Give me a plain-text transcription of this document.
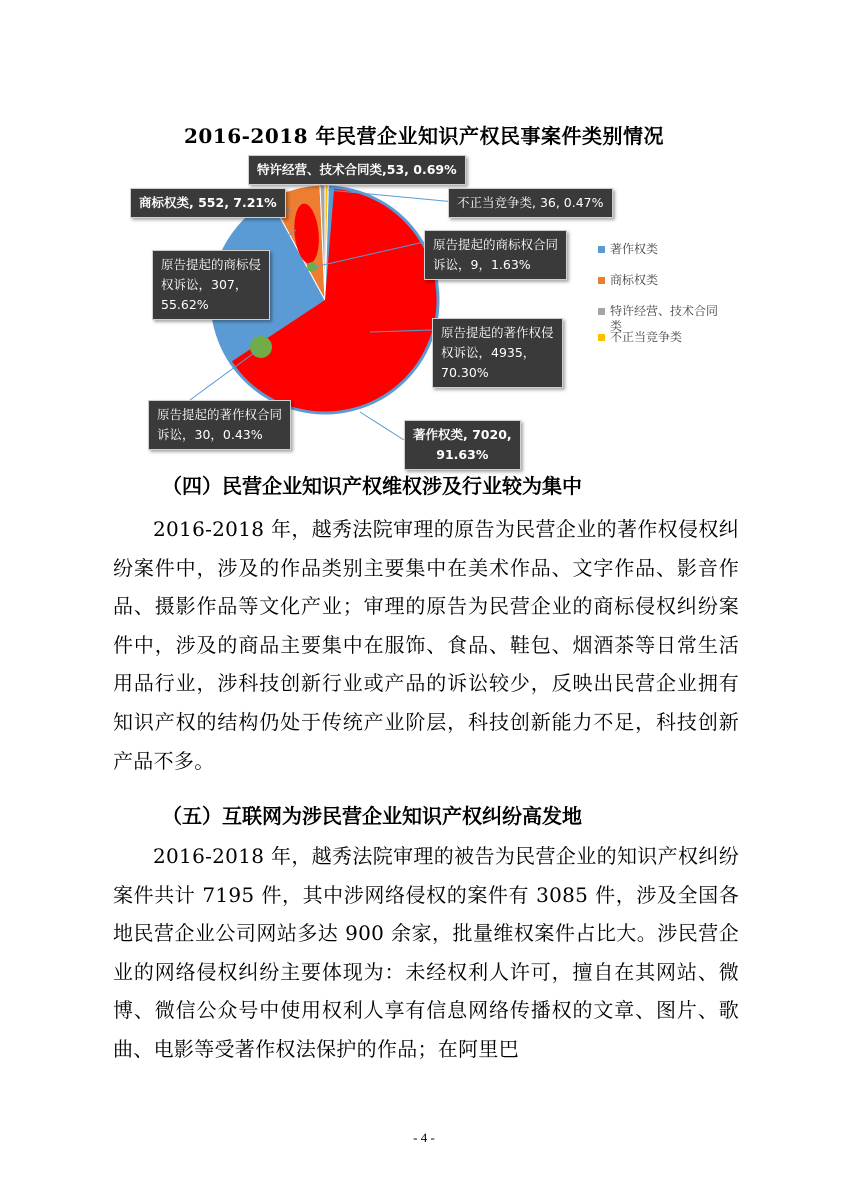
2016-2018 年民营企业知识产权民事案件类别情况
特许经营、技术合同类,53, 0.69%
商标权类, 552, 7.21%	不正当竞争类, 36, 0.47%
原告提起的商标权合同
诉讼，9，1.63%
原告提起的商标侵
权诉讼，307，
55.62%
原告提起的著作权侵
权诉讼，4935，
70.30%
原告提起的著作权合同
诉讼，30，0.43%	著作权类, 7020,
91.63%
著作权类
商标权类
特许经营、技术合同类
不正当竞争类
（四）民营企业知识产权维权涉及行业较为集中
2016-2018 年，越秀法院审理的原告为民营企业的著作权侵权纠纷案件中，涉及的作品类别主要集中在美术作品、文字作品、影音作品、摄影作品等文化产业；审理的原告为民营企业的商标侵权纠纷案件中，涉及的商品主要集中在服饰、食品、鞋包、烟酒茶等日常生活用品行业，涉科技创新行业或产品的诉讼较少，反映出民营企业拥有知识产权的结构仍处于传统产业阶层，科技创新能力不足，科技创新产品不多。
（五）互联网为涉民营企业知识产权纠纷高发地
2016-2018 年，越秀法院审理的被告为民营企业的知识产权纠纷案件共计 7195 件，其中涉网络侵权的案件有 3085 件，涉及全国各地民营企业公司网站多达 900 余家，批量维权案件占比大。涉民营企业的网络侵权纠纷主要体现为：未经权利人许可，擅自在其网站、微博、微信公众号中使用权利人享有信息网络传播权的文章、图片、歌曲、电影等受著作权法保护的作品；在阿里巴
- 4 -
